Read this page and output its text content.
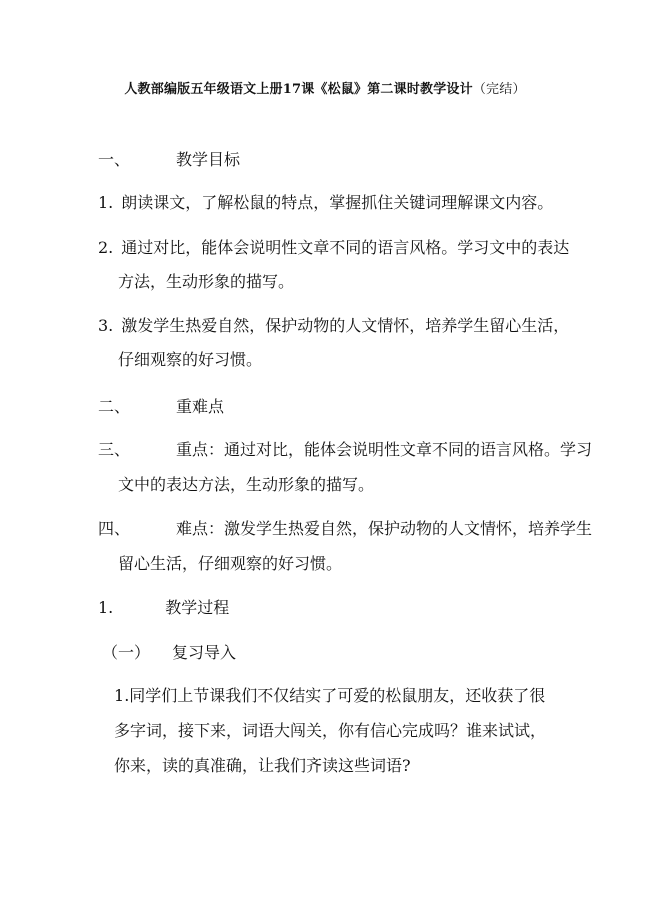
人教部编版五年级语文上册17课《松鼠》第二课时教学设计（完结）
一、	教学目标
1. 朗读课文，了解松鼠的特点，掌握抓住关键词理解课文内容。
2. 通过对比，能体会说明性文章不同的语言风格。学习文中的表达
方法，生动形象的描写。
3. 激发学生热爱自然，保护动物的人文情怀，培养学生留心生活，
仔细观察的好习惯。
二、	重难点
三、	重点：通过对比，能体会说明性文章不同的语言风格。学习
文中的表达方法，生动形象的描写。
四、	难点：激发学生热爱自然，保护动物的人文情怀，培养学生
留心生活，仔细观察的好习惯。
1.	教学过程
（一） 复习导入
1.同学们上节课我们不仅结实了可爱的松鼠朋友，还收获了很多字词，接下来，词语大闯关，你有信心完成吗？谁来试试，你来，读的真准确，让我们齐读这些词语?
